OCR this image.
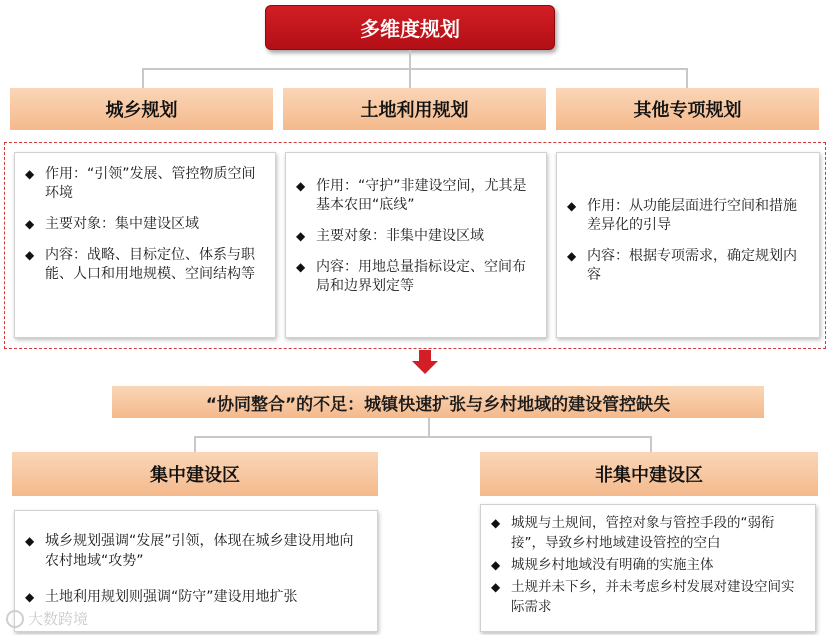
多维度规划
城乡规划	土地利用规划	其他专项规划
◆ 作用：“引领”发展、管控物质空间环境
◆ 主要对象：集中建设区域
◆ 内容：战略、目标定位、体系与职能、人口和用地规模、空间结构等
◆ 作用：“守护”非建设空间，尤其是基本农田“底线”
◆ 主要对象：非集中建设区域
◆ 内容：用地总量指标设定、空间布局和边界划定等
◆ 作用：从功能层面进行空间和措施差异化的引导
◆ 内容：根据专项需求，确定规划内容
“协同整合”的不足：城镇快速扩张与乡村地域的建设管控缺失
集中建设区	非集中建设区
◆ 城乡规划强调“发展”引领，体现在城乡建设用地向农村地域“攻势”
◆ 土地利用规划则强调“防守”建设用地扩张
◆ 城规与土规间，管控对象与管控手段的“弱衔接”，导致乡村地域建设管控的空白
◆ 城规乡村地域没有明确的实施主体
◆ 土规并未下乡，并未考虑乡村发展对建设空间实际需求
大数跨境
